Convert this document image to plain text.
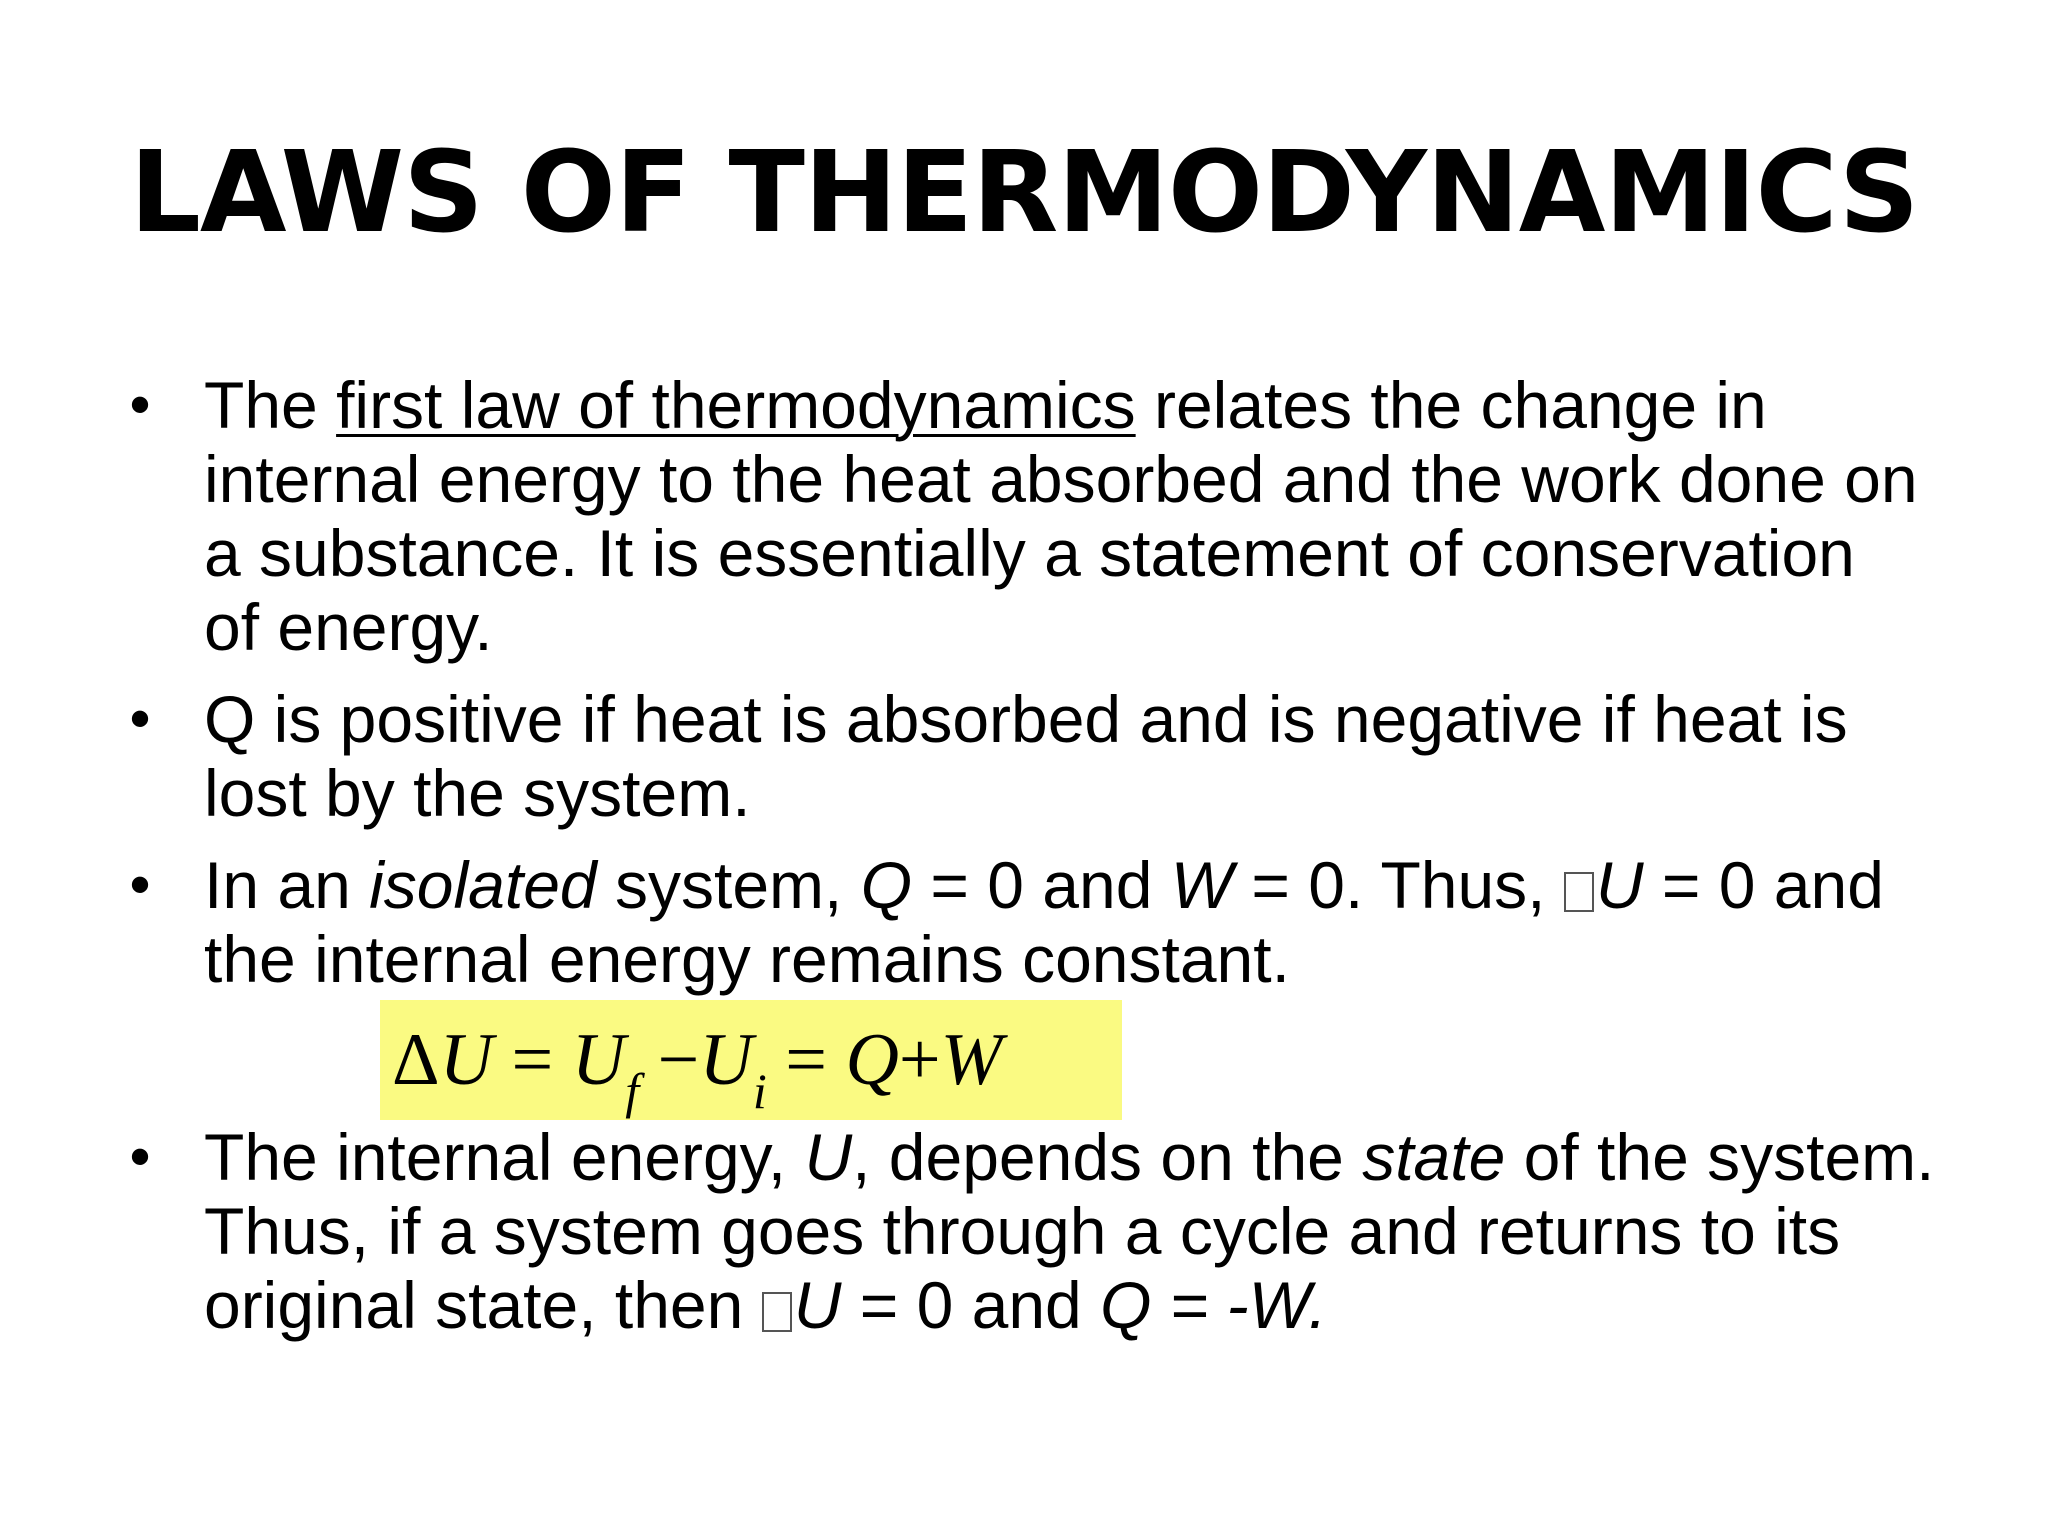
LAWS OF THERMODYNAMICS
• The first law of thermodynamics relates the change in internal energy to the heat absorbed and the work done on a substance. It is essentially a statement of conservation of energy.
• Q is positive if heat is absorbed and is negative if heat is lost by the system.
• In an isolated system, Q = 0 and W = 0. Thus, U = 0 and the internal energy remains constant.
$\Delta U = U_f -U_i = Q+W$
• The internal energy, U, depends on the state of the system. Thus, if a system goes through a cycle and returns to its original state, then U = 0 and Q = -W.
